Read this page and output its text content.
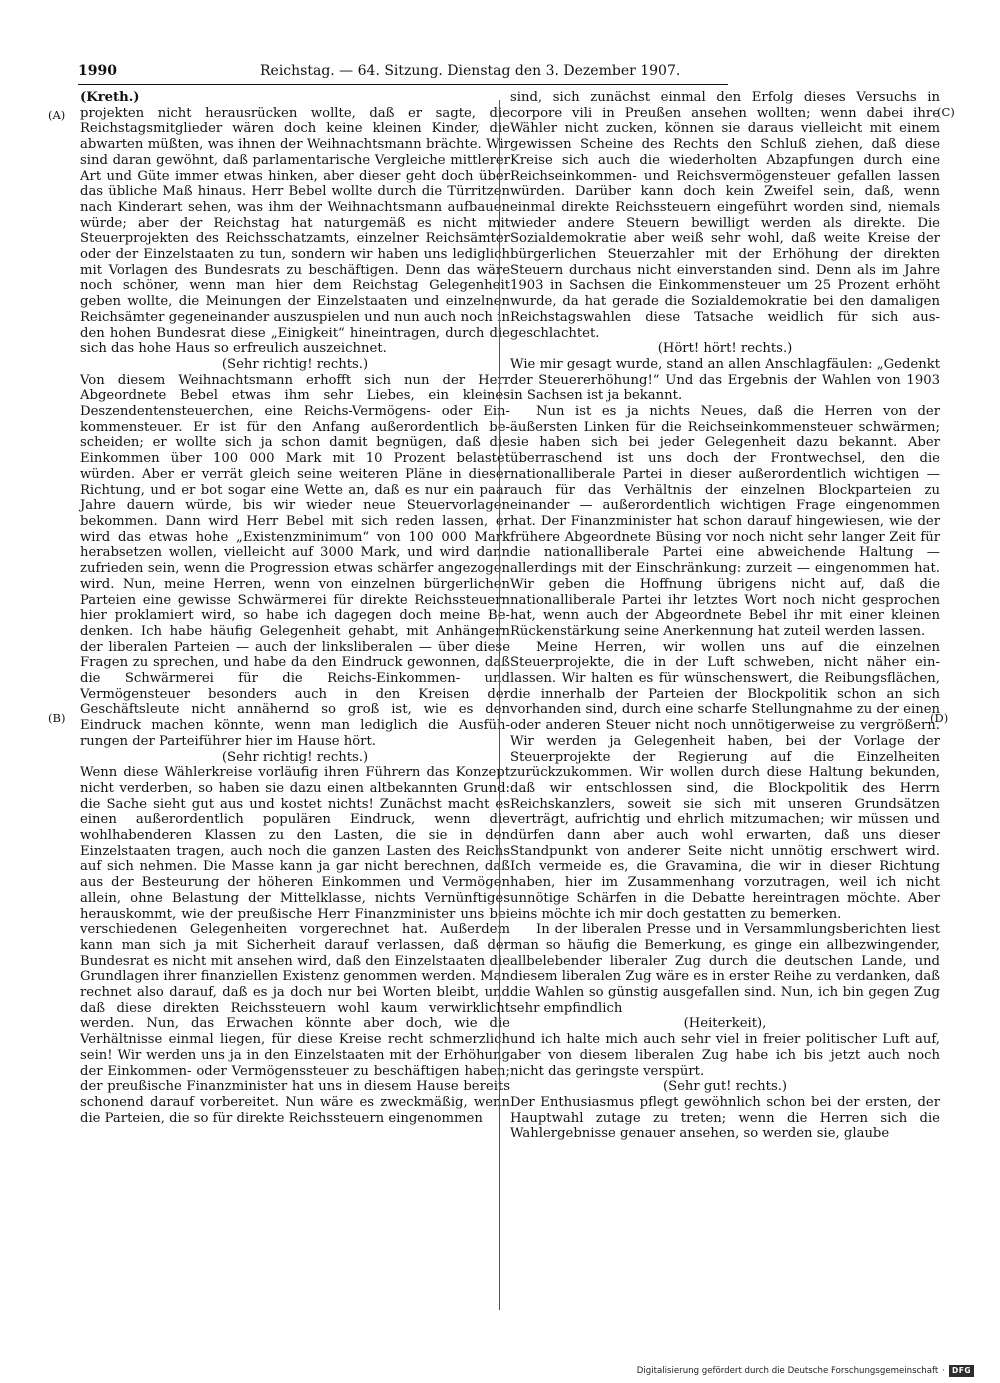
1990	Reichstag. — 64. Sitzung. Dienstag den 3. Dezember 1907.
(A)
(B)
(C)
(D)

(Kreth.)

projekten nicht herausrücken wollte, daß er sagte, die Reichstagsmitglieder wären doch keine kleinen Kinder, die abwarten müßten, was ihnen der Weihnachtsmann brächte. Wir sind daran gewöhnt, daß parlamentarische Vergleiche mittlerer Art und Güte immer etwas hinken, aber dieser geht doch über das übliche Maß hinaus. Herr Bebel wollte durch die Türritzen nach Kinderart sehen, was ihm der Weihnachtsmann aufbauen würde; aber der Reichstag hat naturgemäß es nicht mit Steuerprojekten des Reichsschatzamts, einzelner Reichsämter oder der Einzelstaaten zu tun, sondern wir haben uns lediglich mit Vorlagen des Bundesrats zu beschäftigen. Denn das wäre noch schöner, wenn man hier dem Reichstag Gelegenheit geben wollte, die Meinungen der Einzelstaaten und einzelnen Reichsämter gegeneinander auszuspielen und nun auch noch in den hohen Bundesrat diese „Einigkeit“ hineintragen, durch die sich das hohe Haus so erfreulich auszeichnet.

(Sehr richtig! rechts.)

Von diesem Weihnachtsmann erhofft sich nun der Herr Abgeordnete Bebel etwas ihm sehr Liebes, ein kleines Deszendentensteuerchen, eine Reichs-Vermögens- oder Einkommensteuer. Er ist für den Anfang außerordentlich bescheiden; er wollte sich ja schon damit begnügen, daß die Einkommen über 100 000 Mark mit 10 Prozent belastet würden. Aber er verrät gleich seine weiteren Pläne in dieser Richtung, und er bot sogar eine Wette an, daß es nur ein paar Jahre dauern würde, bis wir wieder neue Steuervorlagen bekommen. Dann wird Herr Bebel mit sich reden lassen, er wird das etwas hohe „Existenzminimum“ von 100 000 Mark herabsetzen wollen, vielleicht auf 3000 Mark, und wird dann zufrieden sein, wenn die Progression etwas schärfer angezogen wird. Nun, meine Herren, wenn von einzelnen bürgerlichen Parteien eine gewisse Schwärmerei für direkte Reichssteuern hier proklamiert wird, so habe ich dagegen doch meine Bedenken. Ich habe häufig Gelegenheit gehabt, mit Anhängern der liberalen Parteien — auch der linksliberalen — über diese Fragen zu sprechen, und habe da den Eindruck gewonnen, daß die Schwärmerei für die Reichs-Einkommen- und Vermögensteuer besonders auch in den Kreisen der Geschäftsleute nicht annähernd so groß ist, wie es den Eindruck machen könnte, wenn man lediglich die Ausführungen der Parteiführer hier im Hause hört.

(Sehr richtig! rechts.)

Wenn diese Wählerkreise vorläufig ihren Führern das Konzept nicht verderben, so haben sie dazu einen altbekannten Grund: die Sache sieht gut aus und kostet nichts! Zunächst macht es einen außerordentlich populären Eindruck, wenn die wohlhabenderen Klassen zu den Lasten, die sie in den Einzelstaaten tragen, auch noch die ganzen Lasten des Reichs auf sich nehmen. Die Masse kann ja gar nicht berechnen, daß aus der Besteurung der höheren Einkommen und Vermögen allein, ohne Belastung der Mittelklasse, nichts Vernünftiges herauskommt, wie der preußische Herr Finanzminister uns bei verschiedenen Gelegenheiten vorgerechnet hat. Außerdem kann man sich ja mit Sicherheit darauf verlassen, daß der Bundesrat es nicht mit ansehen wird, daß den Einzelstaaten die Grundlagen ihrer finanziellen Existenz genommen werden. Man rechnet also darauf, daß es ja doch nur bei Worten bleibt, und daß diese direkten Reichssteuern wohl kaum verwirklicht werden. Nun, das Erwachen könnte aber doch, wie die Verhältnisse einmal liegen, für diese Kreise recht schmerzlich sein! Wir werden uns ja in den Einzelstaaten mit der Erhöhung der Einkommen- oder Vermögenssteuer zu beschäftigen haben; der preußische Finanzminister hat uns in diesem Hause bereits schonend darauf vorbereitet. Nun wäre es zweckmäßig, wenn die Parteien, die so für direkte Reichssteuern eingenommen

sind, sich zunächst einmal den Erfolg dieses Versuchs in corpore vili in Preußen ansehen wollten; wenn dabei ihre Wähler nicht zucken, können sie daraus vielleicht mit einem gewissen Scheine des Rechts den Schluß ziehen, daß diese Kreise sich auch die wiederholten Abzapfungen durch eine Reichseinkommen- und Reichsvermögensteuer gefallen lassen würden. Darüber kann doch kein Zweifel sein, daß, wenn einmal direkte Reichssteuern eingeführt worden sind, niemals wieder andere Steuern bewilligt werden als direkte. Die Sozialdemokratie aber weiß sehr wohl, daß weite Kreise der bürgerlichen Steuerzahler mit der Erhöhung der direkten Steuern durchaus nicht einverstanden sind. Denn als im Jahre 1903 in Sachsen die Einkommensteuer um 25 Prozent erhöht wurde, da hat gerade die Sozialdemokratie bei den damaligen Reichstagswahlen diese Tatsache weidlich für sich ausgeschlachtet.

(Hört! hört! rechts.)

Wie mir gesagt wurde, stand an allen Anschlagfäulen: „Gedenkt der Steuererhöhung!“ Und das Ergebnis der Wahlen von 1903 in Sachsen ist ja bekannt.

Nun ist es ja nichts Neues, daß die Herren von der äußersten Linken für die Reichseinkommensteuer schwärmen; sie haben sich bei jeder Gelegenheit dazu bekannt. Aber überraschend ist uns doch der Frontwechsel, den die nationalliberale Partei in dieser außerordentlich wichtigen — auch für das Verhältnis der einzelnen Blockparteien zu einander — außerordentlich wichtigen Frage eingenommen hat. Der Finanzminister hat schon darauf hingewiesen, wie der frühere Abgeordnete Büsing vor noch nicht sehr langer Zeit für die nationalliberale Partei eine abweichende Haltung — allerdings mit der Einschränkung: zurzeit — eingenommen hat. Wir geben die Hoffnung übrigens nicht auf, daß die nationalliberale Partei ihr letztes Wort noch nicht gesprochen hat, wenn auch der Abgeordnete Bebel ihr mit einer kleinen Rückenstärkung seine Anerkennung hat zuteil werden lassen.

Meine Herren, wir wollen uns auf die einzelnen Steuerprojekte, die in der Luft schweben, nicht näher einlassen. Wir halten es für wünschenswert, die Reibungsflächen, die innerhalb der Parteien der Blockpolitik schon an sich vorhanden sind, durch eine scharfe Stellungnahme zu der einen oder anderen Steuer nicht noch unnötigerweise zu vergrößern. Wir werden ja Gelegenheit haben, bei der Vorlage der Steuerprojekte der Regierung auf die Einzelheiten zurückzukommen. Wir wollen durch diese Haltung bekunden, daß wir entschlossen sind, die Blockpolitik des Herrn Reichskanzlers, soweit sie sich mit unseren Grundsätzen verträgt, aufrichtig und ehrlich mitzumachen; wir müssen und dürfen dann aber auch wohl erwarten, daß uns dieser Standpunkt von anderer Seite nicht unnötig erschwert wird. Ich vermeide es, die Gravamina, die wir in dieser Richtung haben, hier im Zusammenhang vorzutragen, weil ich nicht unnötige Schärfen in die Debatte hereintragen möchte. Aber eins möchte ich mir doch gestatten zu bemerken.

In der liberalen Presse und in Versammlungsberichten liest man so häufig die Bemerkung, es ginge ein allbezwingender, allbelebender liberaler Zug durch die deutschen Lande, und diesem liberalen Zug wäre es in erster Reihe zu verdanken, daß die Wahlen so günstig ausgefallen sind. Nun, ich bin gegen Zug sehr empfindlich

(Heiterkeit),

und ich halte mich auch sehr viel in freier politischer Luft auf, aber von diesem liberalen Zug habe ich bis jetzt auch noch nicht das geringste verspürt.

(Sehr gut! rechts.)

Der Enthusiasmus pflegt gewöhnlich schon bei der ersten, der Hauptwahl zutage zu treten; wenn die Herren sich die Wahlergebnisse genauer ansehen, so werden sie, glaube

Digitalisierung gefördert durch die Deutsche Forschungsgemeinschaft · DFG
